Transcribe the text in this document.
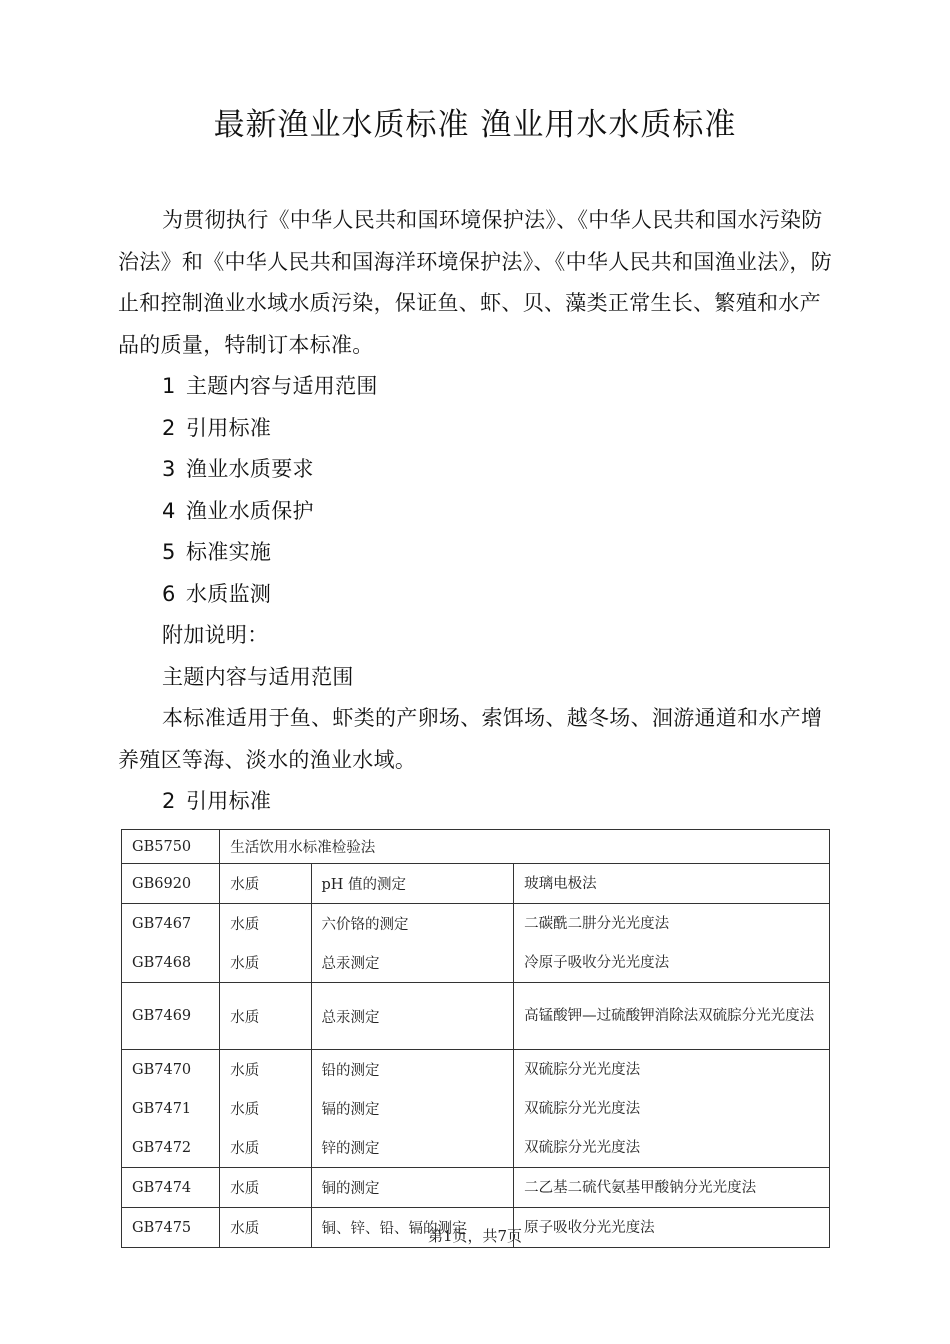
最新渔业水质标准 渔业用水水质标准

为贯彻执行《中华人民共和国环境保护法》、《中华人民共和国水污染防治法》和《中华人民共和国海洋环境保护法》、《中华人民共和国渔业法》，防止和控制渔业水域水质污染，保证鱼、虾、贝、藻类正常生长、繁殖和水产品的质量，特制订本标准。

1 主题内容与适用范围

2 引用标准

3 渔业水质要求

4 渔业水质保护

5 标准实施

6 水质监测

附加说明：

主题内容与适用范围

本标准适用于鱼、虾类的产卵场、索饵场、越冬场、洄游通道和水产增养殖区等海、淡水的渔业水域。

2 引用标准

GB5750	生活饮用水标准检验法		
GB6920	水质	pH 值的测定	玻璃电极法
GB7467	水质	六价铬的测定	二碳酰二肼分光光度法
GB7468	水质	总汞测定	冷原子吸收分光光度法
GB7469	水质	总汞测定	高锰酸钾—过硫酸钾消除法双硫腙分光光度法
GB7470	水质	铅的测定	双硫腙分光光度法
GB7471	水质	镉的测定	双硫腙分光光度法
GB7472	水质	锌的测定	双硫腙分光光度法
GB7474	水质	铜的测定	二乙基二硫代氨基甲酸钠分光光度法
GB7475	水质	铜、锌、铅、镉的测定	原子吸收分光光度法
第1页，共7页
